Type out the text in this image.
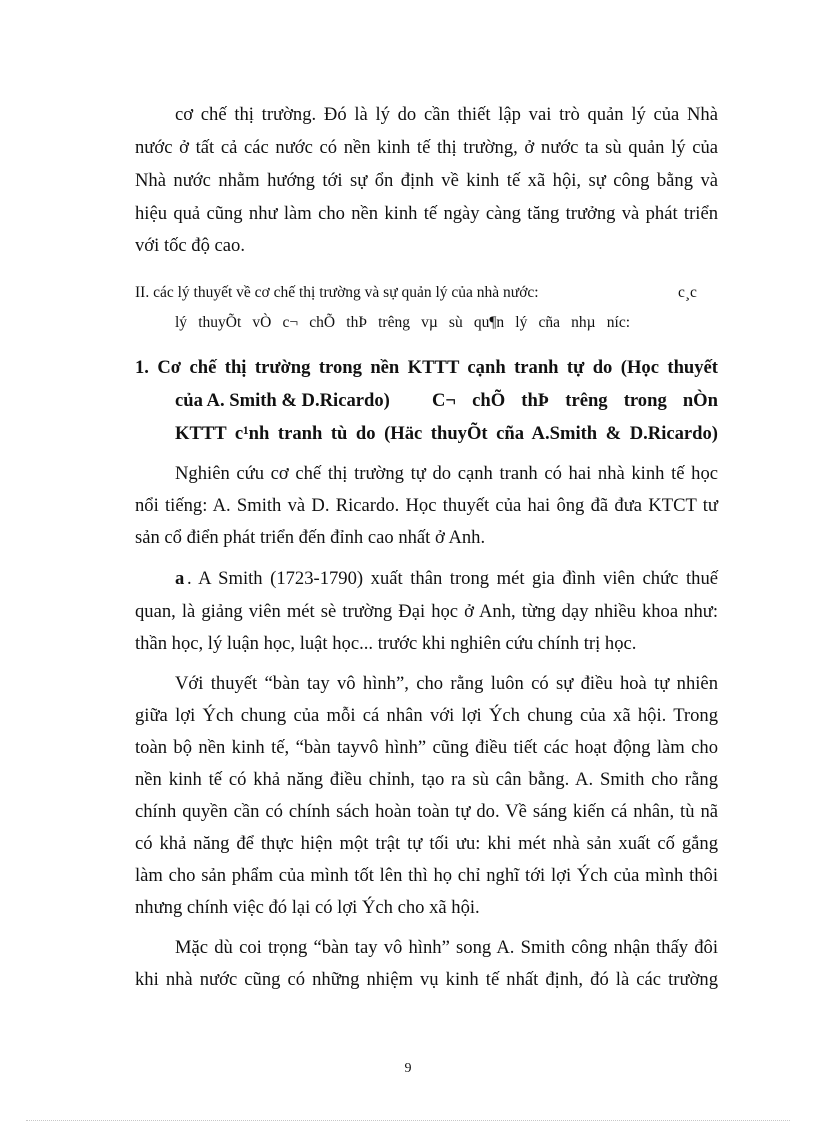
cơ chế thị trường. Đó là lý do cần thiết lập vai trò quản lý của Nhà
nước ở tất cả các nước có nền kinh tế thị trường, ở nước ta sù quản lý của
Nhà nước nhằm hướng tới sự ổn định về kinh tế xã hội, sự công bằng và
hiệu quả cũng như làm cho nền kinh tế ngày càng tăng trưởng và phát triển
với tốc độ cao.
II. các lý thuyết về cơ chế thị trường và sự quản lý của nhà nước:	c¸c
lý thuyÕt vÒ c¬ chÕ thÞ trêng vµ sù qu¶n lý cña nhµ níc:
1. Cơ chế thị trường trong nền KTTT cạnh tranh tự do (Học thuyết
của A. Smith & D.Ricardo)	C¬ chÕ thÞ trêng trong nÒn
KTTT c¹nh tranh tù do (Häc thuyÕt cña A.Smith & D.Ricardo)
Nghiên cứu cơ chế thị trường tự do cạnh tranh có hai nhà kinh tế học
nổi tiếng: A. Smith và D. Ricardo. Học thuyết của hai ông đã đưa KTCT tư
sản cổ điển phát triển đến đỉnh cao nhất ở Anh.
a . A Smith (1723-1790) xuất thân trong mét gia đình viên chức thuế
quan, là giảng viên mét sè trường Đại học ở Anh, từng dạy nhiều khoa như:
thần học, lý luận học, luật học... trước khi nghiên cứu chính trị học.
Với thuyết “bàn tay vô hình”, cho rằng luôn có sự điều hoà tự nhiên
giữa lợi Ých chung của mỗi cá nhân với lợi Ých chung của xã hội. Trong
toàn bộ nền kinh tế, “bàn tayvô hình” cũng điều tiết các hoạt động làm cho
nền kinh tế có khả năng điều chỉnh, tạo ra sù cân bằng. A. Smith cho rằng
chính quyền cần có chính sách hoàn toàn tự do. Về sáng kiến cá nhân, tù nã
có khả năng để thực hiện một trật tự tối ưu: khi mét nhà sản xuất cố gắng
làm cho sản phẩm của mình tốt lên thì họ chỉ nghĩ tới lợi Ých của mình thôi
nhưng chính việc đó lại có lợi Ých cho xã hội.
Mặc dù coi trọng “bàn tay vô hình” song A. Smith công nhận thấy đôi
khi nhà nước cũng có những nhiệm vụ kinh tế nhất định, đó là các trường
9
